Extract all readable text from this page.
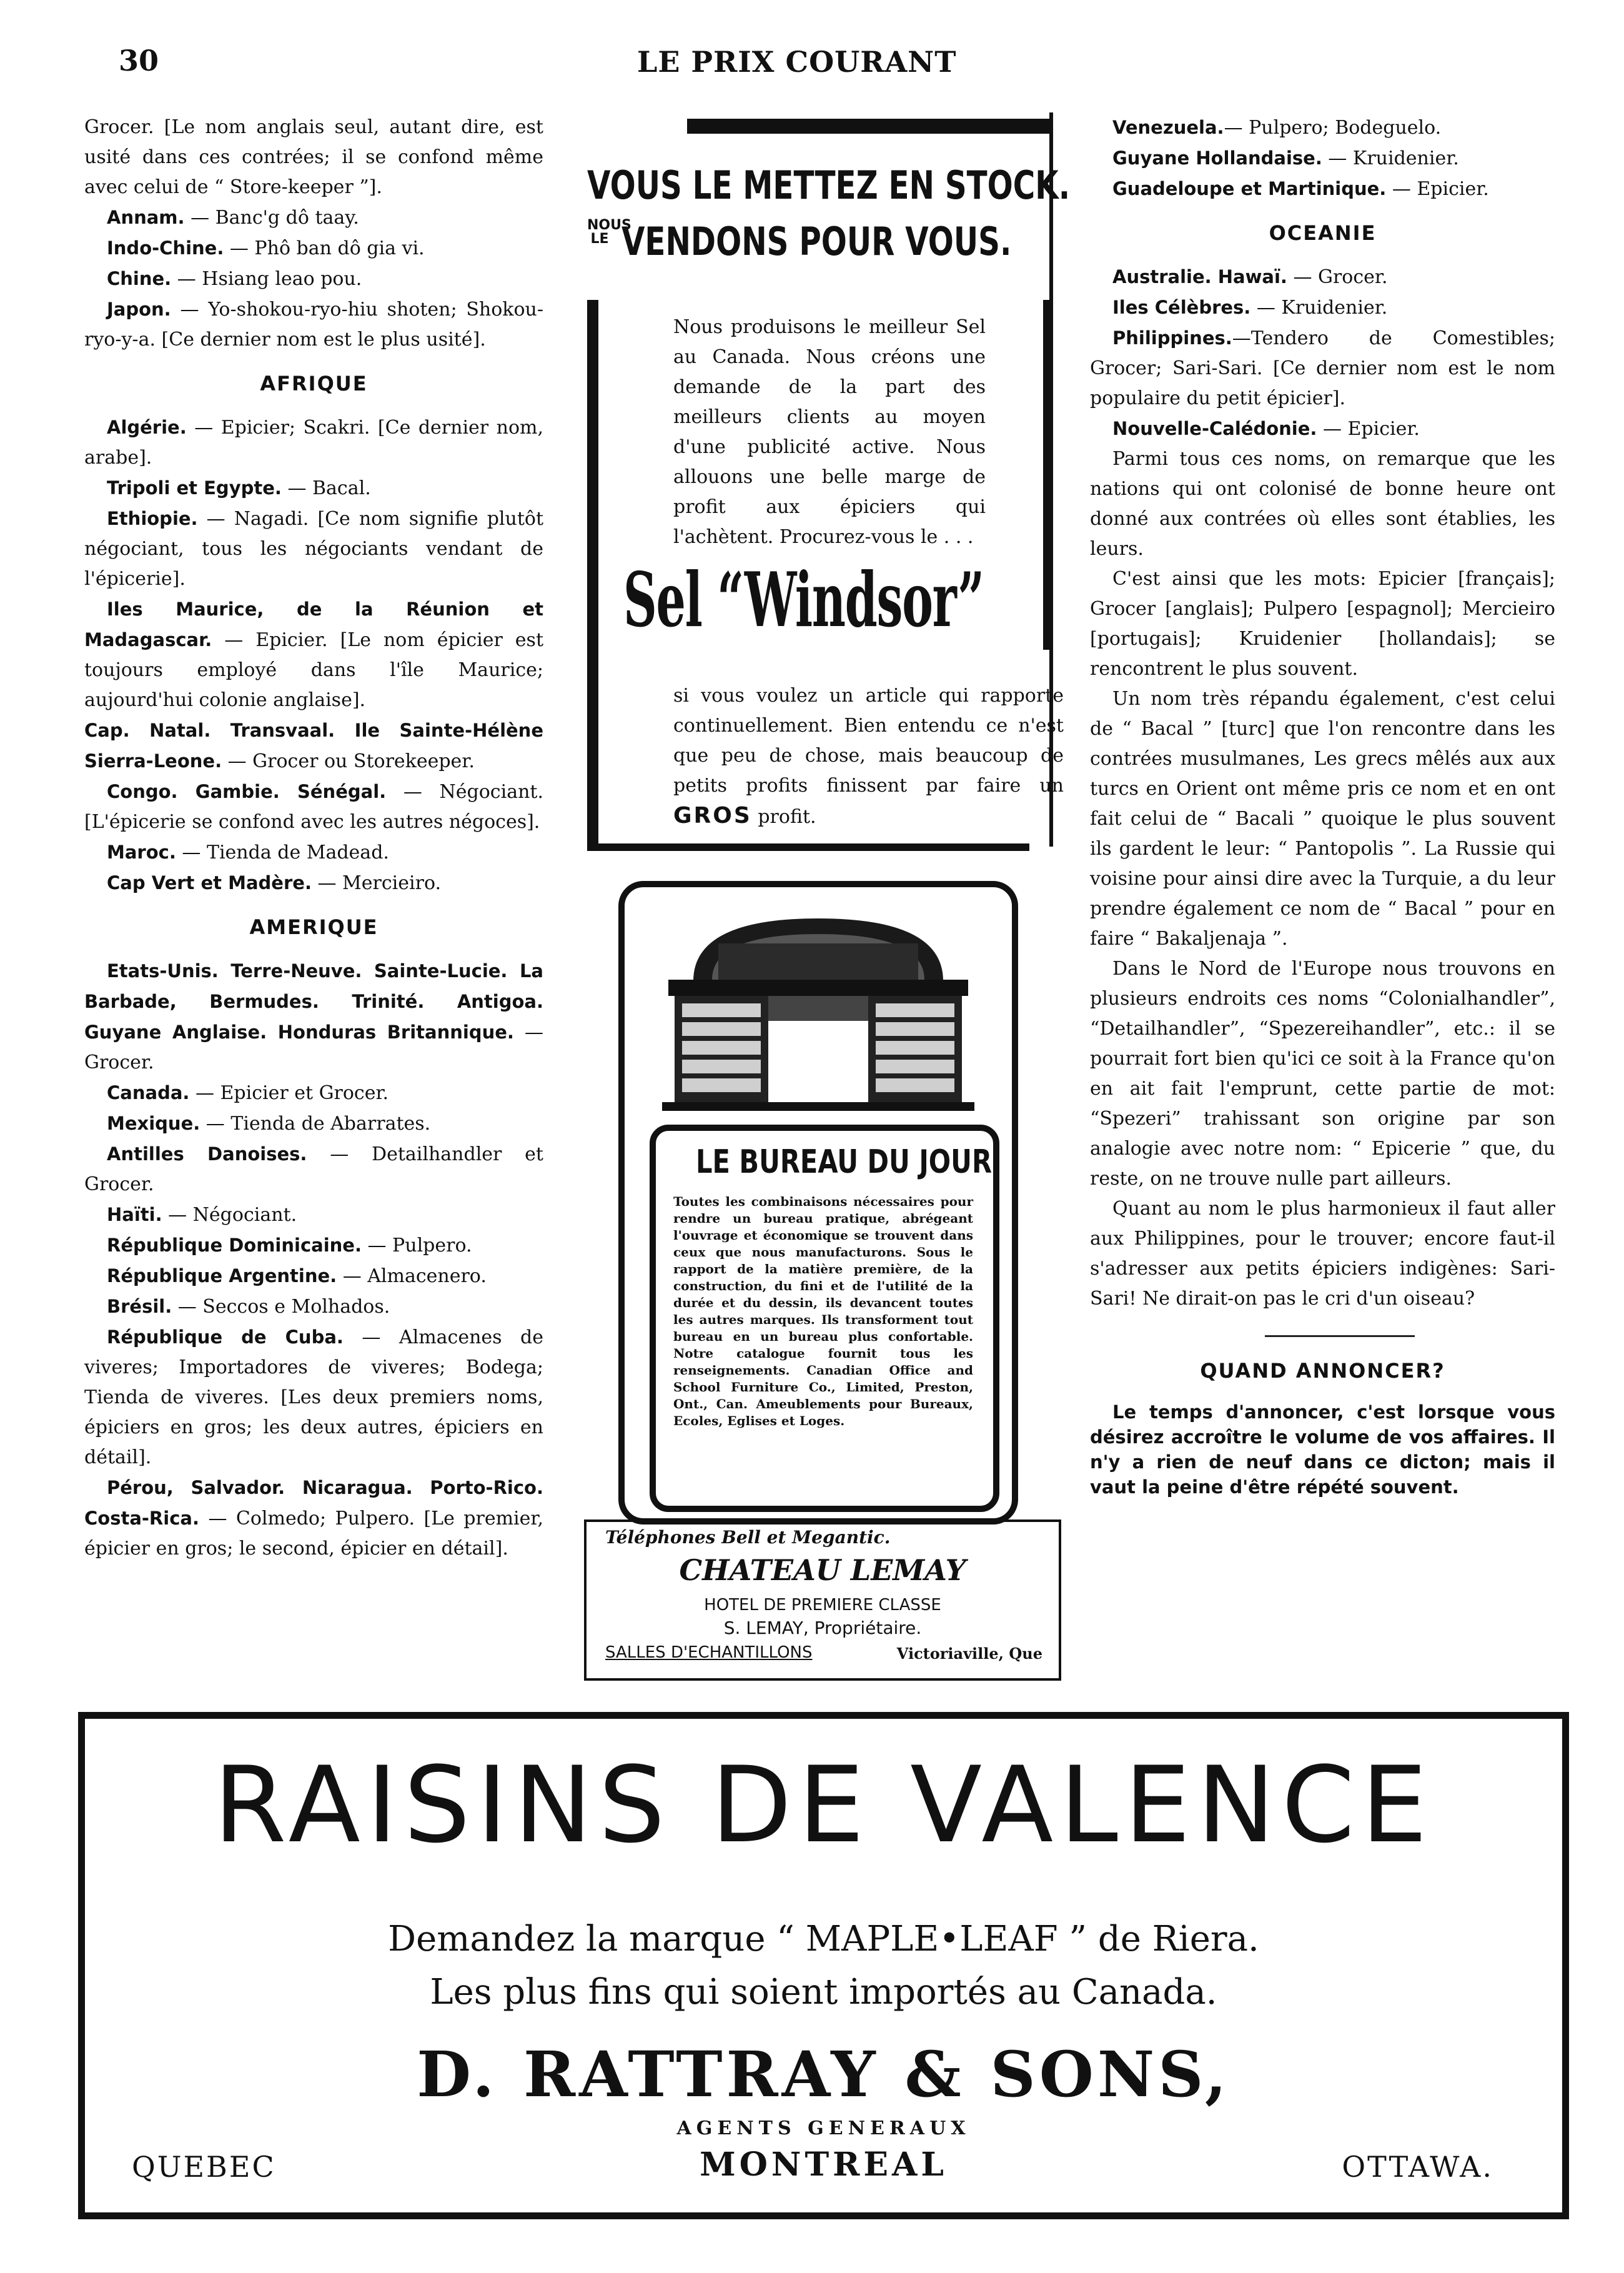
30	LE PRIX COURANT

Grocer. [Le nom anglais seul, autant dire, est usité dans ces contrées; il se confond même avec celui de “ Store-keeper ”].

Annam. — Banc'g dô taay.

Indo-Chine. — Phô ban dô gia vi.

Chine. — Hsiang leao pou.

Japon. — Yo-shokou-ryo-hiu shoten; Shokou-ryo-y-a. [Ce dernier nom est le plus usité].

AFRIQUE

Algérie. — Epicier; Scakri. [Ce dernier nom, arabe].

Tripoli et Egypte. — Bacal.

Ethiopie. — Nagadi. [Ce nom signifie plutôt négociant, tous les négociants vendant de l'épicerie].

Iles Maurice, de la Réunion et Madagascar. — Epicier. [Le nom épicier est toujours employé dans l'île Maurice; aujourd'hui colonie anglaise].

Cap. Natal. Transvaal. Ile Sainte-Hélène Sierra-Leone. — Grocer ou Storekeeper.

Congo. Gambie. Sénégal. — Négociant. [L'épicerie se confond avec les autres négoces].

Maroc. — Tienda de Madead.

Cap Vert et Madère. — Mercieiro.

AMERIQUE

Etats-Unis. Terre-Neuve. Sainte-Lucie. La Barbade, Bermudes. Trinité. Antigoa. Guyane Anglaise. Honduras Britannique. — Grocer.

Canada. — Epicier et Grocer.

Mexique. — Tienda de Abarrates.

Antilles Danoises. — Detailhandler et Grocer.

Haïti. — Négociant.

République Dominicaine. — Pulpero.

République Argentine. — Almacenero.

Brésil. — Seccos e Molhados.

République de Cuba. — Almacenes de viveres; Importadores de viveres; Bodega; Tienda de viveres. [Les deux premiers noms, épiciers en gros; les deux autres, épiciers en détail].

Pérou, Salvador. Nicaragua. Porto-Rico. Costa-Rica. — Colmedo; Pulpero. [Le premier, épicier en gros; le second, épicier en détail].

VOUS LE METTEZ EN STOCK.
NOUS
LE VENDONS POUR VOUS.
Nous produisons le meilleur Sel au Canada. Nous créons une demande de la part des meilleurs clients au moyen d'une publicité active. Nous allouons une belle marge de profit aux épiciers qui l'achètent. Procurez-vous le . . .
Sel “Windsor”
si vous voulez un article qui rapporte continuellement. Bien entendu ce n'est que peu de chose, mais beaucoup de petits profits finissent par faire un GROS profit.
LE BUREAU DU JOUR
Toutes les combinaisons nécessaires pour rendre un bureau pratique, abrégeant l'ouvrage et économique se trouvent dans ceux que nous manufacturons. Sous le rapport de la matière première, de la construction, du fini et de l'utilité de la durée et du dessin, ils devancent toutes les autres marques. Ils transforment tout bureau en un bureau plus confortable. Notre catalogue fournit tous les renseignements. Canadian Office and School Furniture Co., Limited, Preston, Ont., Can. Ameublements pour Bureaux, Ecoles, Eglises et Loges.
Téléphones Bell et Megantic.
CHATEAU LEMAY
HOTEL DE PREMIERE CLASSE
S. LEMAY, Propriétaire.
SALLES D'ECHANTILLONS	Victoriaville, Que

Venezuela.— Pulpero; Bodeguelo.

Guyane Hollandaise. — Kruidenier.

Guadeloupe et Martinique. — Epicier.

OCEANIE

Australie. Hawaï. — Grocer.

Iles Célèbres. — Kruidenier.

Philippines.—Tendero de Comestibles; Grocer; Sari-Sari. [Ce dernier nom est le nom populaire du petit épicier].

Nouvelle-Calédonie. — Epicier.

Parmi tous ces noms, on remarque que les nations qui ont colonisé de bonne heure ont donné aux contrées où elles sont établies, les leurs.

C'est ainsi que les mots: Epicier [français]; Grocer [anglais]; Pulpero [espagnol]; Mercieiro [portugais]; Kruidenier [hollandais]; se rencontrent le plus souvent.

Un nom très répandu également, c'est celui de “ Bacal ” [turc] que l'on rencontre dans les contrées musulmanes, Les grecs mêlés aux aux turcs en Orient ont même pris ce nom et en ont fait celui de “ Bacali ” quoique le plus souvent ils gardent le leur: “ Pantopolis ”. La Russie qui voisine pour ainsi dire avec la Turquie, a du leur prendre également ce nom de “ Bacal ” pour en faire “ Bakaljenaja ”.

Dans le Nord de l'Europe nous trouvons en plusieurs endroits ces noms “Colonialhandler”, “Detailhandler”, “Spezereihandler”, etc.: il se pourrait fort bien qu'ici ce soit à la France qu'on en ait fait l'emprunt, cette partie de mot: “Spezeri” trahissant son origine par son analogie avec notre nom: “ Epicerie ” que, du reste, on ne trouve nulle part ailleurs.

Quant au nom le plus harmonieux il faut aller aux Philippines, pour le trouver; encore faut-il s'adresser aux petits épiciers indigènes: Sari-Sari! Ne dirait-on pas le cri d'un oiseau?

QUAND ANNONCER?
Le temps d'annoncer, c'est lorsque vous désirez accroître le volume de vos affaires. Il n'y a rien de neuf dans ce dicton; mais il vaut la peine d'être répété souvent.
RAISINS DE VALENCE
Demandez la marque “ MAPLE•LEAF ” de Riera.
Les plus fins qui soient importés au Canada.
D. RATTRAY & SONS,
AGENTS GENERAUX
QUEBEC	MONTREAL	OTTAWA.
